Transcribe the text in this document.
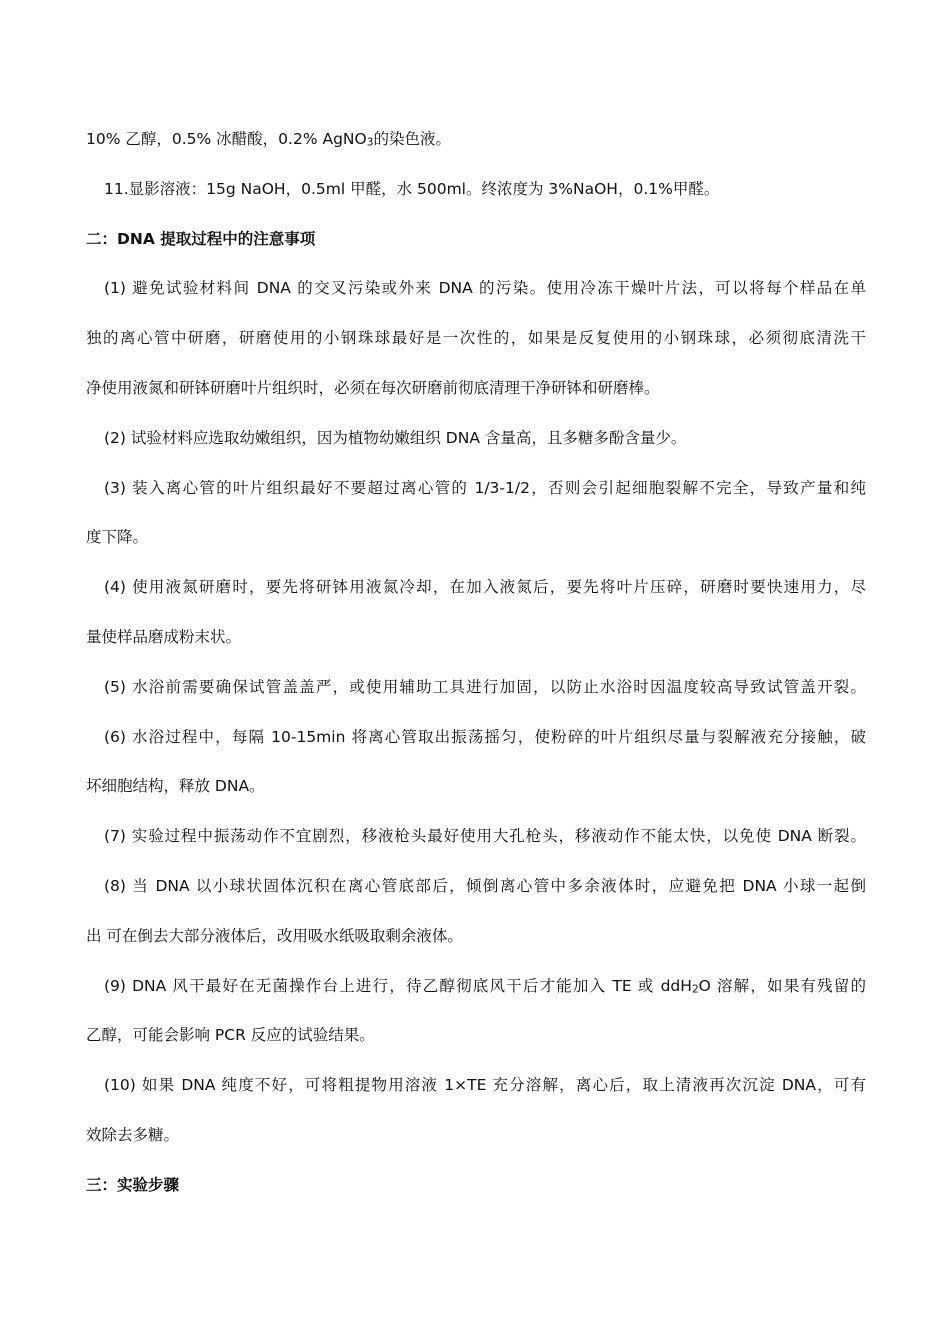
10% 乙醇，0.5% 冰醋酸，0.2% AgNO$_3$的染色液。
11.显影溶液：15g NaOH，0.5ml 甲醛，水 500ml。终浓度为 3%NaOH，0.1%甲醛。
二：DNA 提取过程中的注意事项
(1) 避免试验材料间 DNA 的交叉污染或外来 DNA 的污染。使用冷冻干燥叶片法，可以将每个样品在单
独的离心管中研磨，研磨使用的小钢珠球最好是一次性的，如果是反复使用的小钢珠球，必须彻底清洗干
净使用液氮和研钵研磨叶片组织时，必须在每次研磨前彻底清理干净研钵和研磨棒。
(2) 试验材料应选取幼嫩组织，因为植物幼嫩组织 DNA 含量高，且多糖多酚含量少。
(3) 装入离心管的叶片组织最好不要超过离心管的 1/3-1/2，否则会引起细胞裂解不完全，导致产量和纯
度下降。
(4) 使用液氮研磨时，要先将研钵用液氮冷却，在加入液氮后，要先将叶片压碎，研磨时要快速用力，尽
量使样品磨成粉末状。
(5) 水浴前需要确保试管盖盖严，或使用辅助工具进行加固，以防止水浴时因温度较高导致试管盖开裂。
(6) 水浴过程中，每隔 10-15min 将离心管取出振荡摇匀，使粉碎的叶片组织尽量与裂解液充分接触，破
坏细胞结构，释放 DNA。
(7) 实验过程中振荡动作不宜剧烈，移液枪头最好使用大孔枪头，移液动作不能太快，以免使 DNA 断裂。
(8) 当 DNA 以小球状固体沉积在离心管底部后，倾倒离心管中多余液体时，应避免把 DNA 小球一起倒
出 可在倒去大部分液体后，改用吸水纸吸取剩余液体。
(9) DNA 风干最好在无菌操作台上进行，待乙醇彻底风干后才能加入 TE 或 ddH$_2$O 溶解，如果有残留的
乙醇，可能会影响 PCR 反应的试验结果。
(10) 如果 DNA 纯度不好，可将粗提物用溶液 1×TE 充分溶解，离心后，取上清液再次沉淀 DNA，可有
效除去多糖。
三：实验步骤
